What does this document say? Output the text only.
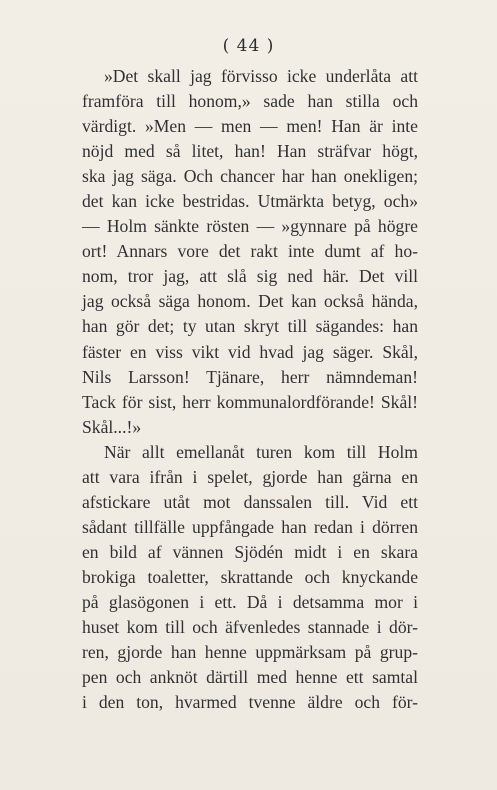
( 44 )
»Det skall jag förvisso icke underlåta att
framföra till honom,» sade han stilla och
värdigt. »Men — men — men! Han är inte
nöjd med så litet, han! Han sträfvar högt,
ska jag säga. Och chancer har han onekligen;
det kan icke bestridas. Utmärkta betyg, och»
— Holm sänkte rösten — »gynnare på högre
ort! Annars vore det rakt inte dumt af ho-
nom, tror jag, att slå sig ned här. Det vill
jag också säga honom. Det kan också hända,
han gör det; ty utan skryt till sägandes: han
fäster en viss vikt vid hvad jag säger. Skål,
Nils Larsson! Tjänare, herr nämndeman!
Tack för sist, herr kommunalordförande! Skål!
Skål...!»
När allt emellanåt turen kom till Holm
att vara ifrån i spelet, gjorde han gärna en
afstickare utåt mot danssalen till. Vid ett
sådant tillfälle uppfångade han redan i dörren
en bild af vännen Sjödén midt i en skara
brokiga toaletter, skrattande och knyckande
på glasögonen i ett. Då i detsamma mor i
huset kom till och äfvenledes stannade i dör-
ren, gjorde han henne uppmärksam på grup-
pen och anknöt därtill med henne ett samtal
i den ton, hvarmed tvenne äldre och för-
